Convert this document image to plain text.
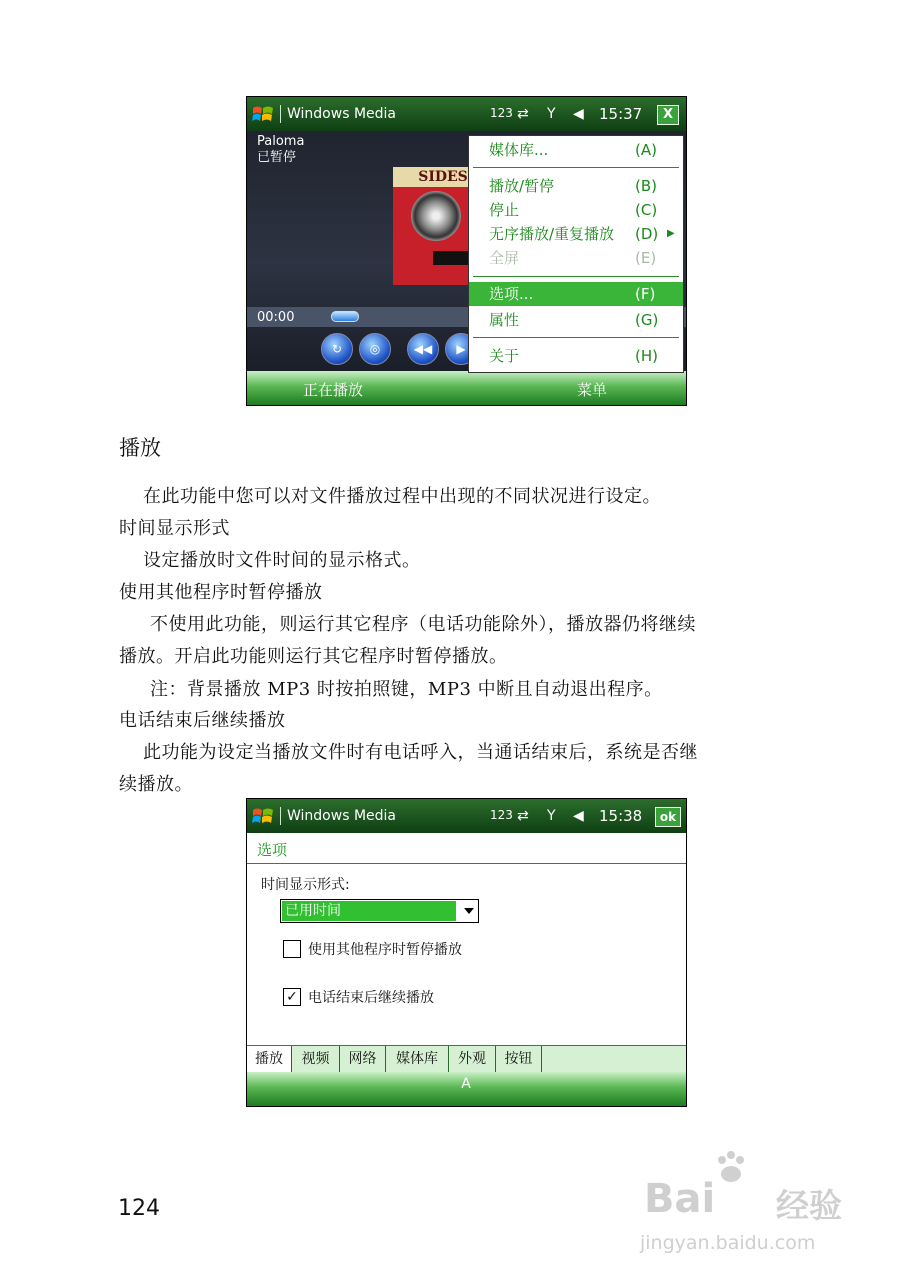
Windows Media	123 ⇄ Y ◀ 15:37	X
Paloma
已暂停
SIDES
00:00
↻	◎	◀◀	▶
正在播放	菜单
媒体库...	(A)
播放/暂停	(B)
停止	(C)
无序播放/重复播放 (D) ▶
全屏	(E)
选项...	(F)
属性	(G)
关于	(H)
播放
在此功能中您可以对文件播放过程中出现的不同状况进行设定。
时间显示形式
设定播放时文件时间的显示格式。
使用其他程序时暂停播放
不使用此功能，则运行其它程序（电话功能除外），播放器仍将继续
播放。开启此功能则运行其它程序时暂停播放。
注：背景播放 MP3 时按拍照键，MP3 中断且自动退出程序。
电话结束后继续播放
此功能为设定当播放文件时有电话呼入，当通话结束后，系统是否继
续播放。
Windows Media	123 ⇄ Y ◀ 15:38	ok
选项
时间显示形式:
已用时间
使用其他程序时暂停播放
✓ 电话结束后继续播放
播放	视频	网络	媒体库	外观	按钮
A
124	Bai 经验
jingyan.baidu.com
